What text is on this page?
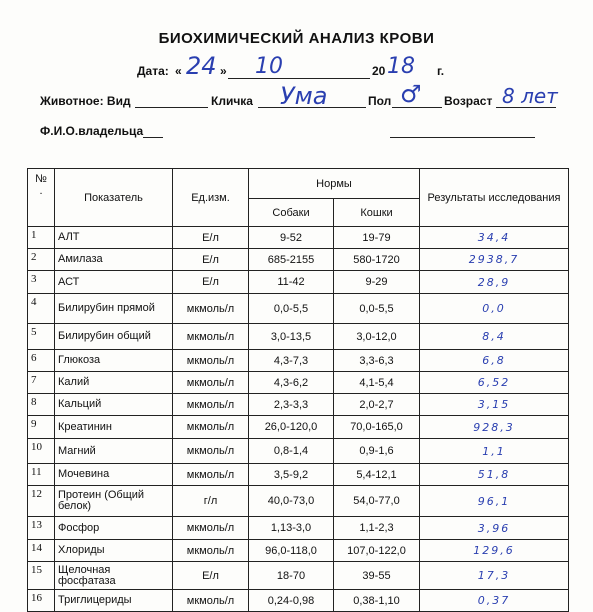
БИОХИМИЧЕСКИЙ АНАЛИЗ КРОВИ
Дата: « 24 » 10	20 18 г.
Животное: Вид	Кличка Ума	Пол ♂ Возраст 8 лет
Ф.И.О.владельца
№
.	Показатель	Ед.изм.	Нормы		Результаты исследования
			Собаки	Кошки	
1	АЛТ	Е/л	9-52	19-79	34,4
2	Амилаза	Е/л	685-2155	580-1720	2938,7
3	АСТ	Е/л	11-42	9-29	28,9
4	Билирубин прямой	мкмоль/л	0,0-5,5	0,0-5,5	0,0
5	Билирубин общий	мкмоль/л	3,0-13,5	3,0-12,0	8,4
6	Глюкоза	мкмоль/л	4,3-7,3	3,3-6,3	6,8
7	Калий	мкмоль/л	4,3-6,2	4,1-5,4	6,52
8	Кальций	мкмоль/л	2,3-3,3	2,0-2,7	3,15
9	Креатинин	мкмоль/л	26,0-120,0	70,0-165,0	928,3
10	Магний	мкмоль/л	0,8-1,4	0,9-1,6	1,1
11	Мочевина	мкмоль/л	3,5-9,2	5,4-12,1	51,8
12	Протеин (Общий белок)	г/л	40,0-73,0	54,0-77,0	96,1
13	Фосфор	мкмоль/л	1,13-3,0	1,1-2,3	3,96
14	Хлориды	мкмоль/л	96,0-118,0	107,0-122,0	129,6
15	Щелочная фосфатаза	Е/л	18-70	39-55	17,3
16	Триглицериды	мкмоль/л	0,24-0,98	0,38-1,10	0,37
